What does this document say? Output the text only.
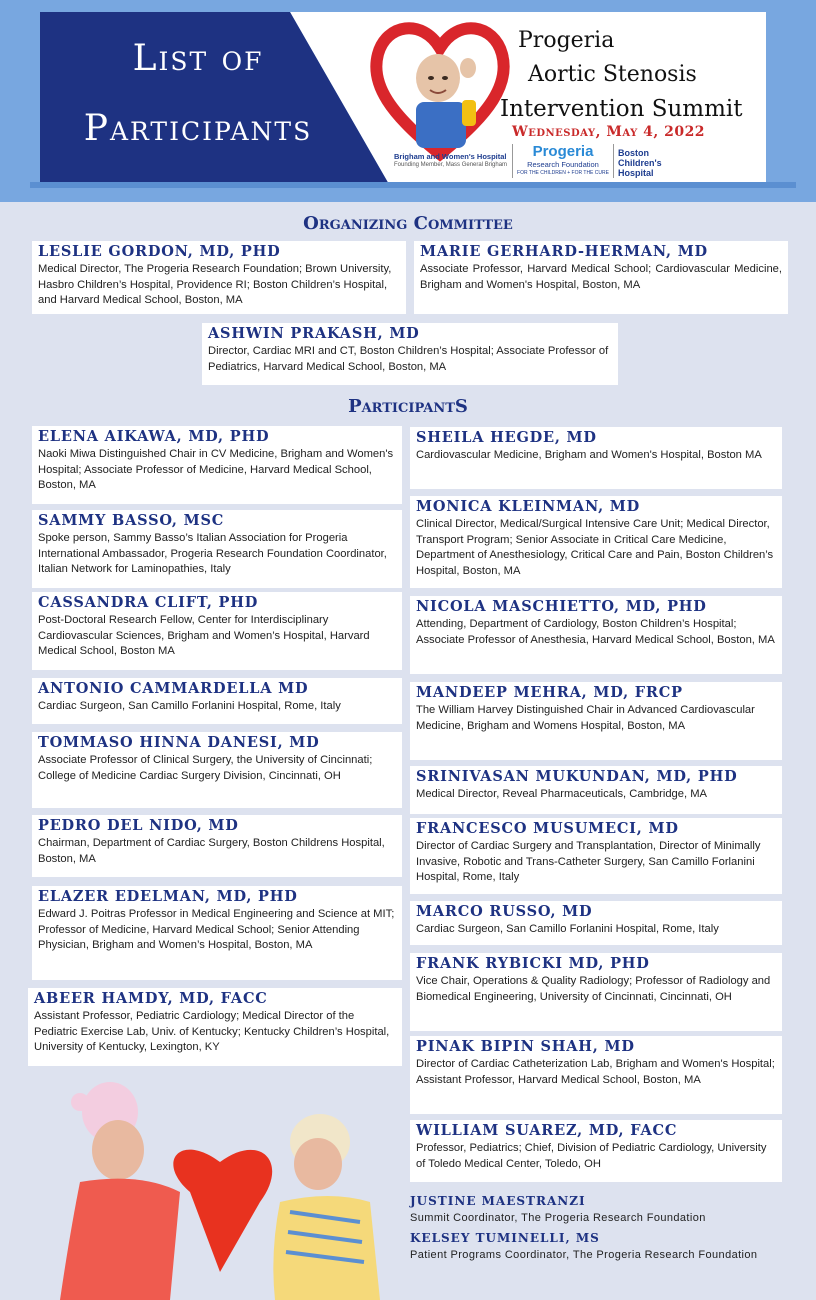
List of
Participants
Progeria
Aortic Stenosis
Intervention Summit
Wednesday, May 4, 2022
Brigham and Women's Hospital
Founding Member, Mass General Brigham
Progeria
Research Foundation
FOR THE CHILDREN + FOR THE CURE
Boston Children's Hospital
Organizing Committee
LESLIE GORDON, MD, PHD
Medical Director, The Progeria Research Foundation; Brown University, Hasbro Children’s Hospital, Providence RI; Boston Children’s Hospital, and Harvard Medical School, Boston, MA
MARIE GERHARD-HERMAN, MD
Associate Professor, Harvard Medical School; Cardiovascular Medicine, Brigham and Women's Hospital, Boston, MA
ASHWIN PRAKASH, MD
Director, Cardiac MRI and CT, Boston Children’s Hospital; Associate Professor of Pediatrics, Harvard Medical School, Boston, MA
ParticipantS
ELENA AIKAWA, MD, PHD
Naoki Miwa Distinguished Chair in CV Medicine, Brigham and Women's Hospital; Associate Professor of Medicine, Harvard Medical School, Boston, MA
SAMMY BASSO, MSC
Spoke person, Sammy Basso’s Italian Association for Progeria International Ambassador, Progeria Research Foundation Coordinator, Italian Network for Laminopathies, Italy
CASSANDRA CLIFT, PHD
Post-Doctoral Research Fellow, Center for Interdisciplinary Cardiovascular Sciences, Brigham and Women’s Hospital, Harvard Medical School, Boston MA
ANTONIO CAMMARDELLA MD
Cardiac Surgeon, San Camillo Forlanini Hospital, Rome, Italy
TOMMASO HINNA DANESI, MD
Associate Professor of Clinical Surgery, the University of Cincinnati; College of Medicine Cardiac Surgery Division, Cincinnati, OH
PEDRO DEL NIDO, MD
Chairman, Department of Cardiac Surgery, Boston Childrens Hospital, Boston, MA
ELAZER EDELMAN, MD, PHD
Edward J. Poitras Professor in Medical Engineering and Science at MIT; Professor of Medicine, Harvard Medical School; Senior Attending Physician, Brigham and Women’s Hospital, Boston, MA
ABEER HAMDY, MD, FACC
Assistant Professor, Pediatric Cardiology; Medical Director of the Pediatric Exercise Lab, Univ. of Kentucky; Kentucky Children’s Hospital, University of Kentucky, Lexington, KY
SHEILA HEGDE, MD
Cardiovascular Medicine, Brigham and Women's Hospital, Boston MA
MONICA KLEINMAN, MD
Clinical Director, Medical/Surgical Intensive Care Unit; Medical Director, Transport Program; Senior Associate in Critical Care Medicine, Department of Anesthesiology, Critical Care and Pain, Boston Children’s Hospital, Boston, MA
NICOLA MASCHIETTO, MD, PHD
Attending, Department of Cardiology, Boston Children’s Hospital; Associate Professor of Anesthesia, Harvard Medical School, Boston, MA
MANDEEP MEHRA, MD, FRCP
The William Harvey Distinguished Chair in Advanced Cardiovascular Medicine, Brigham and Womens Hospital, Boston, MA
SRINIVASAN MUKUNDAN, MD, PHD
Medical Director, Reveal Pharmaceuticals, Cambridge, MA
FRANCESCO MUSUMECI, MD
Director of Cardiac Surgery and Transplantation, Director of Minimally Invasive, Robotic and Trans-Catheter Surgery, San Camillo Forlanini Hospital, Rome, Italy
MARCO RUSSO, MD
Cardiac Surgeon, San Camillo Forlanini Hospital, Rome, Italy
FRANK RYBICKI MD, PHD
Vice Chair, Operations & Quality Radiology; Professor of Radiology and Biomedical Engineering, University of Cincinnati, Cincinnati, OH
PINAK BIPIN SHAH, MD
Director of Cardiac Catheterization Lab, Brigham and Women's Hospital; Assistant Professor, Harvard Medical School, Boston, MA
WILLIAM SUAREZ, MD, FACC
Professor, Pediatrics; Chief, Division of Pediatric Cardiology, University of Toledo Medical Center, Toledo, OH
JUSTINE MAESTRANZI
Summit Coordinator, The Progeria Research Foundation
KELSEY TUMINELLI, MS
Patient Programs Coordinator, The Progeria Research Foundation
